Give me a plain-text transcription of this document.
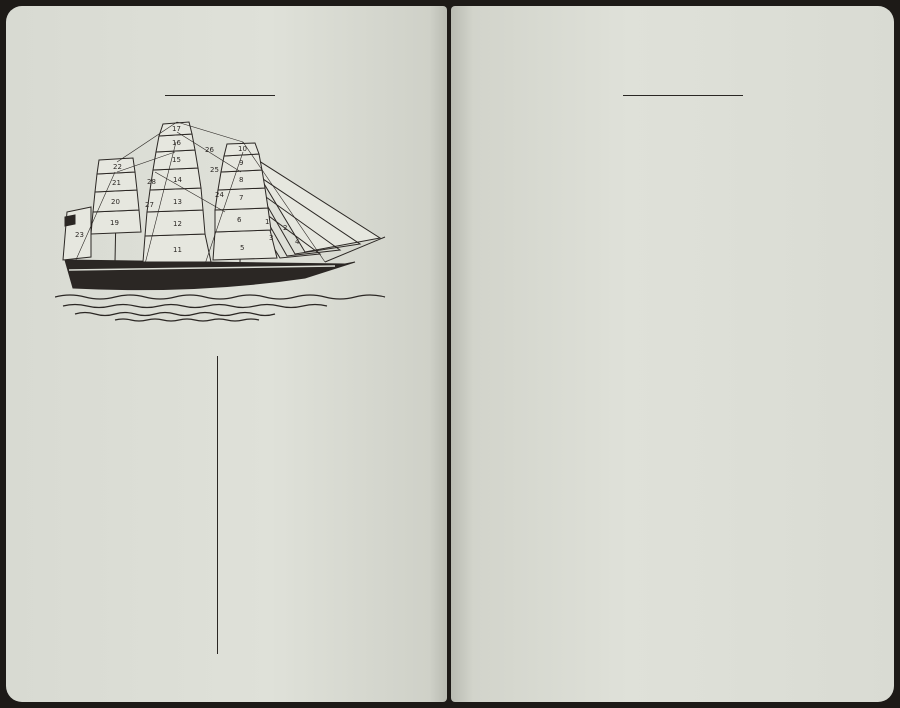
1
2
3	4
5
6
7
8
9
10
11
12
13
14
15
16
17
19
20
21
22
23
24
25
26
27
28
